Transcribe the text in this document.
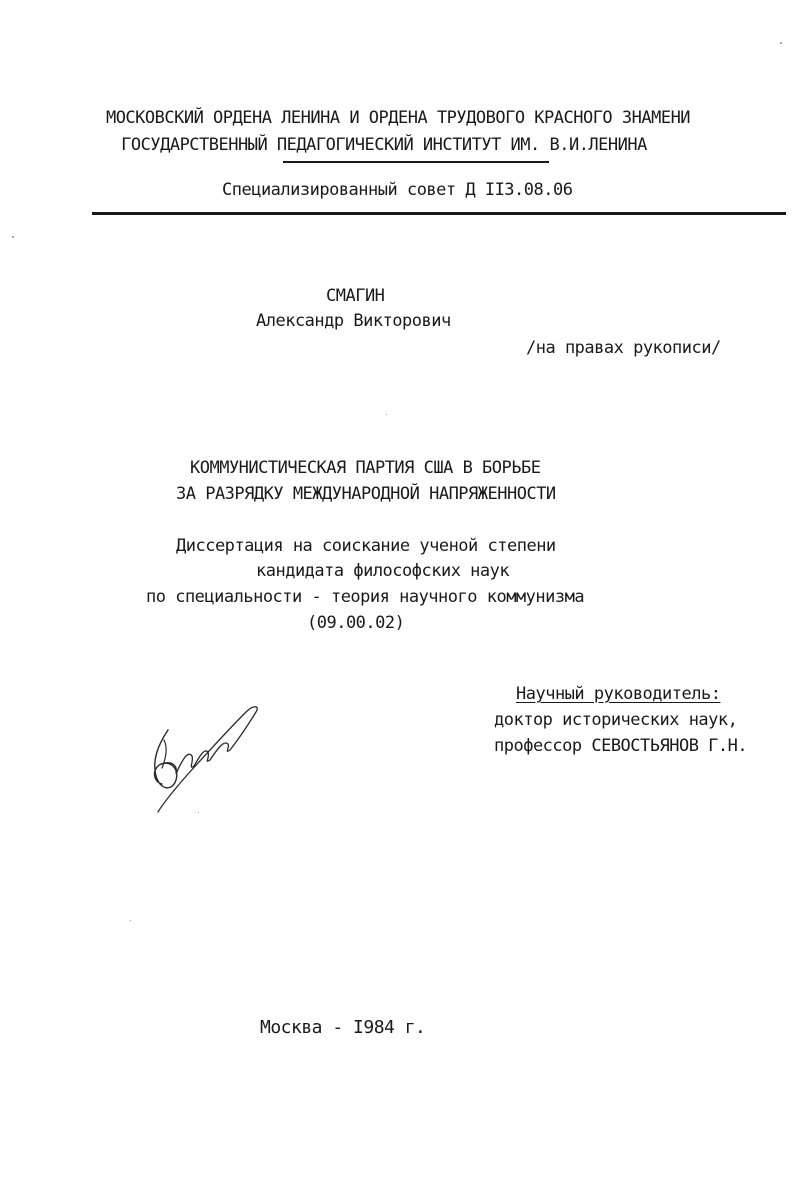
МОСКОВСКИЙ ОРДЕНА ЛЕНИНА И ОРДЕНА ТРУДОВОГО КРАСНОГО ЗНАМЕНИ
ГОСУДАРСТВЕННЫЙ ПЕДАГОГИЧЕСКИЙ ИНСТИТУТ ИМ. В.И.ЛЕНИНА
Специализированный совет Д II3.08.06
СМАГИН
Александр Викторович
/на правах рукописи/
КОММУНИСТИЧЕСКАЯ ПАРТИЯ США В БОРЬБЕ
ЗА РАЗРЯДКУ МЕЖДУНАРОДНОЙ НАПРЯЖЕННОСТИ
Диссертация на соискание ученой степени
кандидата философских наук
по специальности - теория научного коммунизма
(09.00.02)
Научный руководитель:
доктор исторических наук,
профессор СЕВОСТЬЯНОВ Г.Н.
Москва - I984 г.
